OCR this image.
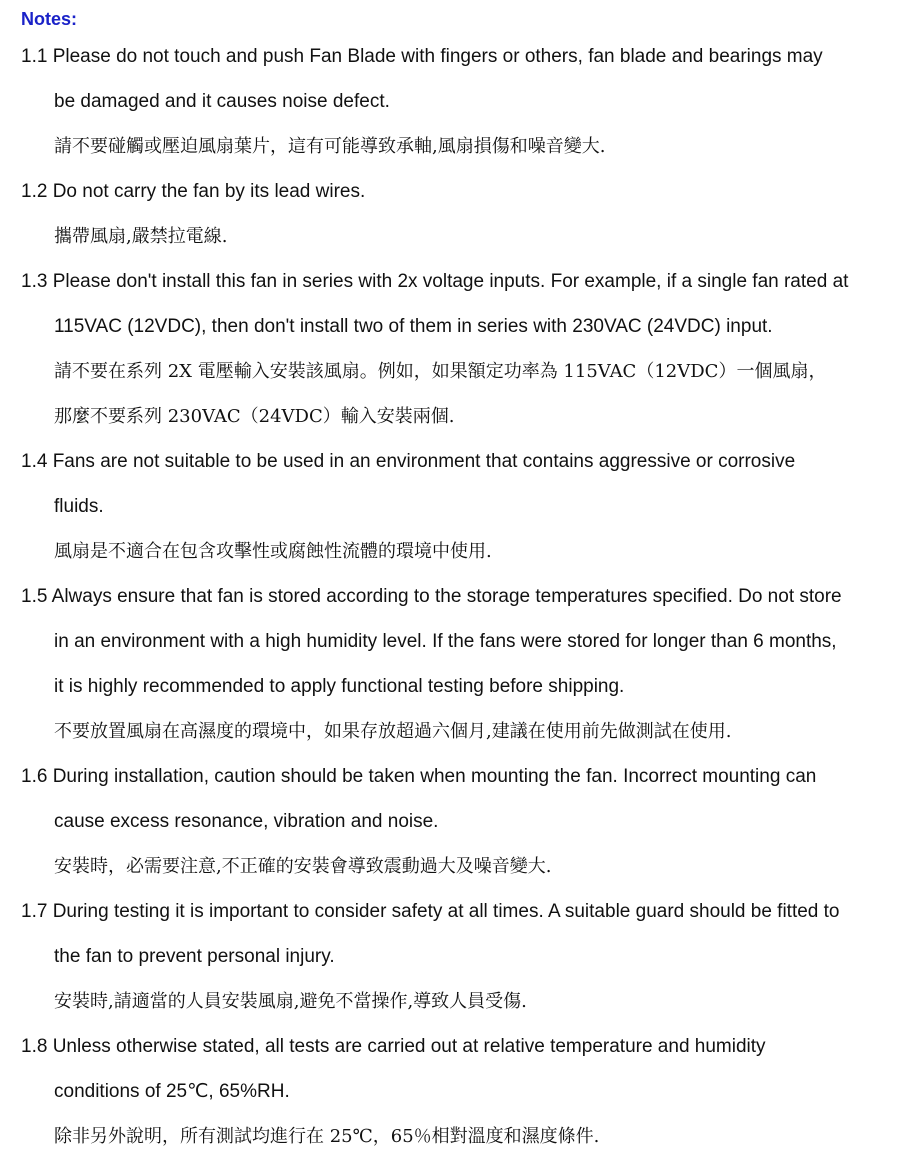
Notes:
1.1 Please do not touch and push Fan Blade with fingers or others, fan blade and bearings may
be damaged and it causes noise defect.
請不要碰觸或壓迫風扇葉片，這有可能導致承軸,風扇損傷和噪音變大.
1.2 Do not carry the fan by its lead wires.
攜帶風扇,嚴禁拉電線.
1.3 Please don't install this fan in series with 2x voltage inputs. For example, if a single fan rated at
115VAC (12VDC), then don't install two of them in series with 230VAC (24VDC) input.
請不要在系列 2X 電壓輸入安裝該風扇。例如，如果額定功率為 115VAC（12VDC）一個風扇，
那麼不要系列 230VAC（24VDC）輸入安裝兩個.
1.4 Fans are not suitable to be used in an environment that contains aggressive or corrosive
fluids.
風扇是不適合在包含攻擊性或腐蝕性流體的環境中使用.
1.5 Always ensure that fan is stored according to the storage temperatures specified. Do not store
in an environment with a high humidity level. If the fans were stored for longer than 6 months,
it is highly recommended to apply functional testing before shipping.
不要放置風扇在高濕度的環境中，如果存放超過六個月,建議在使用前先做測試在使用.
1.6 During installation, caution should be taken when mounting the fan. Incorrect mounting can
cause excess resonance, vibration and noise.
安裝時，必需要注意,不正確的安裝會導致震動過大及噪音變大.
1.7 During testing it is important to consider safety at all times. A suitable guard should be fitted to
the fan to prevent personal injury.
安裝時,請適當的人員安裝風扇,避免不當操作,導致人員受傷.
1.8 Unless otherwise stated, all tests are carried out at relative temperature and humidity
conditions of 25℃, 65%RH.
除非另外說明，所有測試均進行在 25℃，65％相對溫度和濕度條件.
